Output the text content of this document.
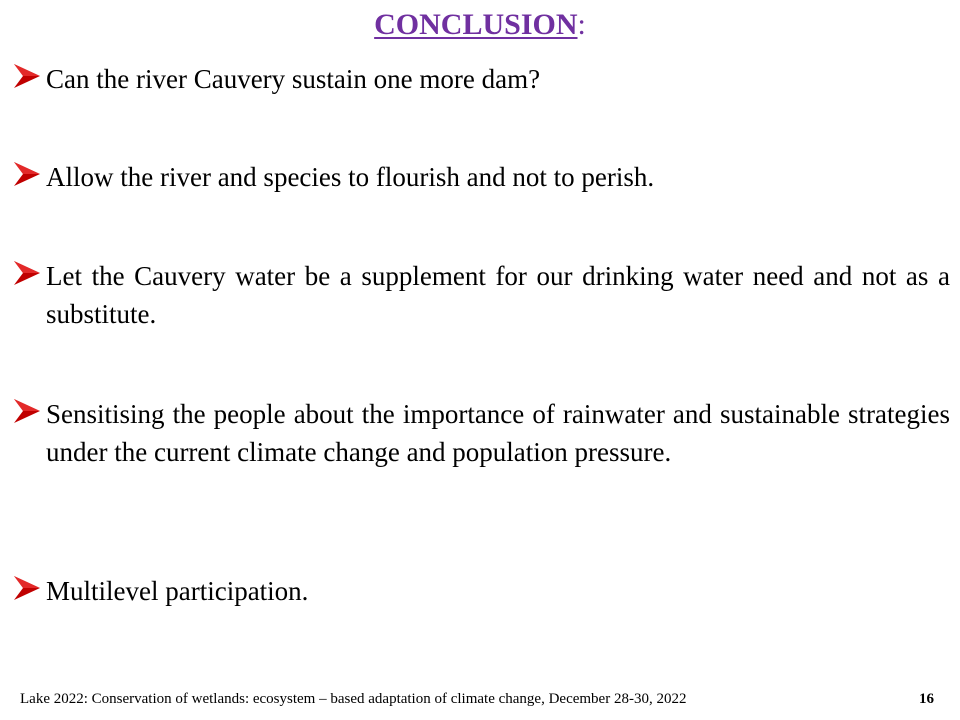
CONCLUSION:
Can the river Cauvery sustain one more dam?
Allow the river and species to flourish and not to perish.
Let the Cauvery water be a supplement for our drinking water need and not as a substitute.
Sensitising the people about the importance of rainwater and sustainable strategies under the current climate change and population pressure.
Multilevel participation.
Lake 2022: Conservation of wetlands: ecosystem – based adaptation of climate change, December 28-30, 2022	16
